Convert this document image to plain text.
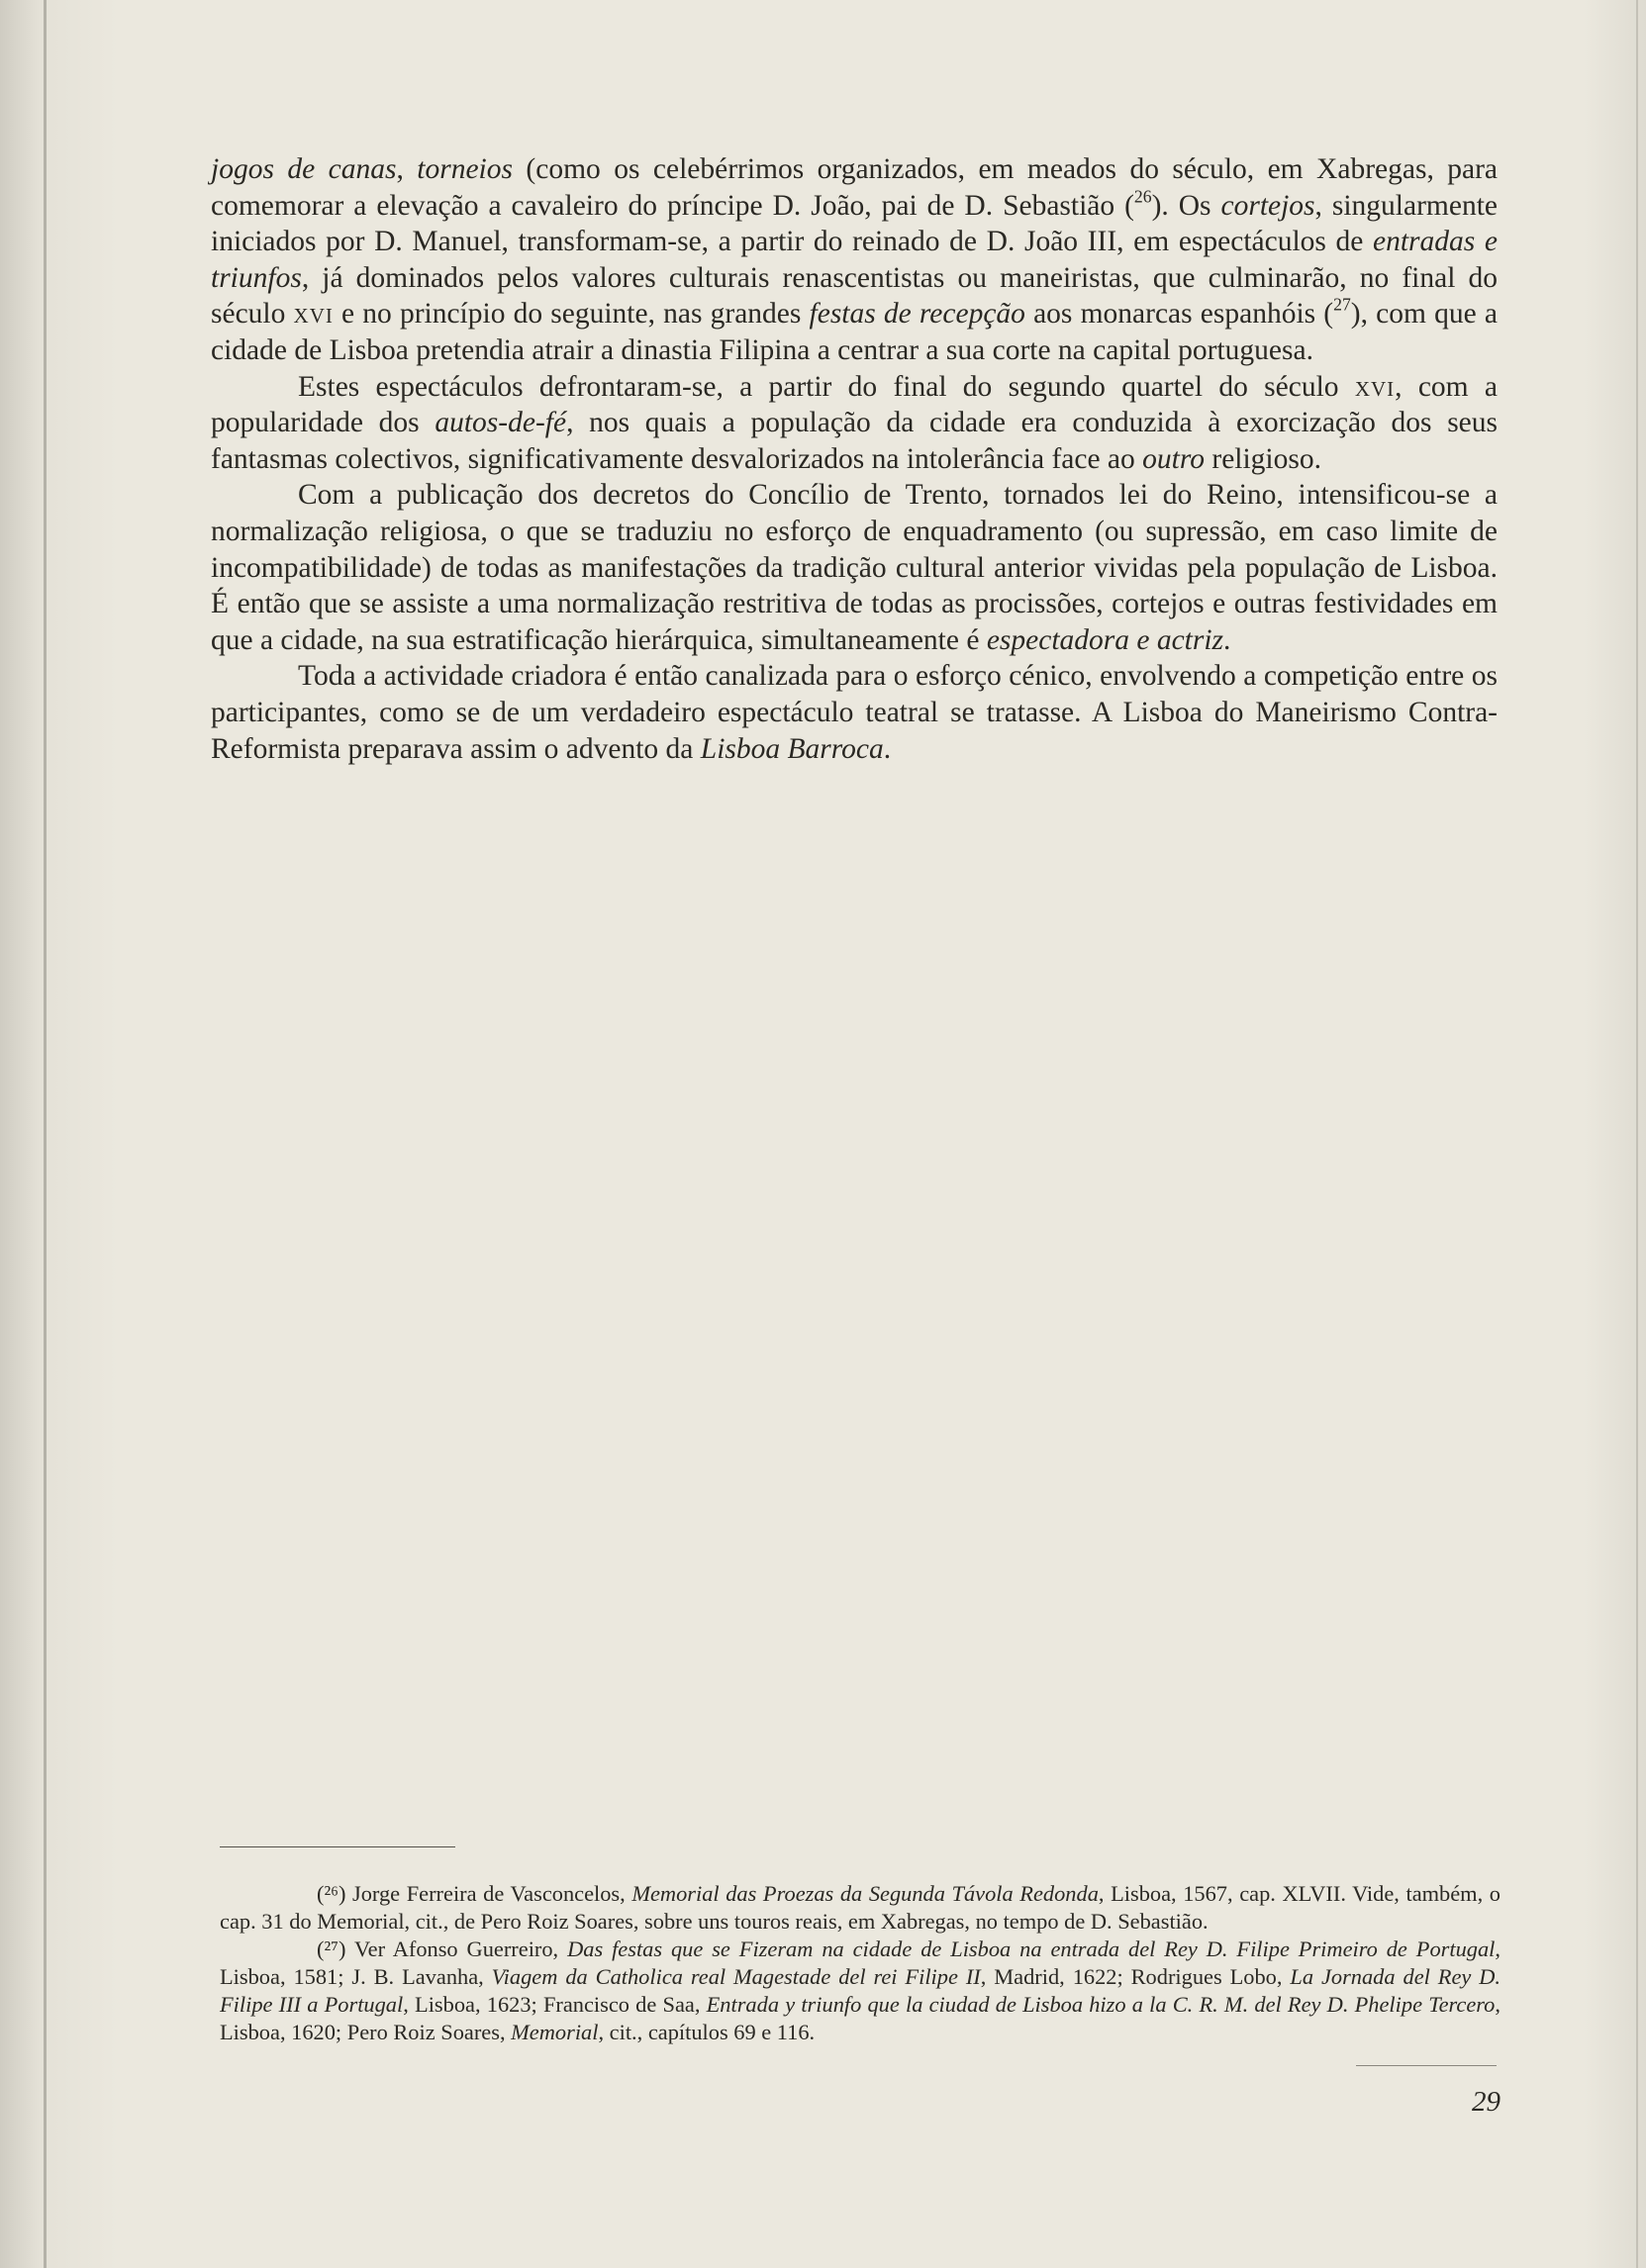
jogos de canas, torneios (como os celebérrimos organizados, em meados do século, em Xabregas, para comemorar a elevação a cavaleiro do príncipe D. João, pai de D. Sebastião ($^{26}$). Os cortejos, singularmente iniciados por D. Manuel, transformam-se, a partir do reinado de D. João III, em espectáculos de entradas e triunfos, já dominados pelos valores culturais renascentistas ou maneiristas, que culminarão, no final do século xvi e no princípio do seguinte, nas grandes festas de recepção aos monarcas espanhóis ($^{27}$), com que a cidade de Lisboa pretendia atrair a dinastia Filipina a centrar a sua corte na capital portuguesa.

Estes espectáculos defrontaram-se, a partir do final do segundo quartel do século xvi, com a popularidade dos autos-de-fé, nos quais a população da cidade era conduzida à exorcização dos seus fantasmas colectivos, significativamente desvalorizados na intolerância face ao outro religioso.

Com a publicação dos decretos do Concílio de Trento, tornados lei do Reino, intensificou-se a normalização religiosa, o que se traduziu no esforço de enquadramento (ou supressão, em caso limite de incompatibilidade) de todas as manifestações da tradição cultural anterior vividas pela população de Lisboa. É então que se assiste a uma normalização restritiva de todas as procissões, cortejos e outras festividades em que a cidade, na sua estratificação hierárquica, simultaneamente é espectadora e actriz.

Toda a actividade criadora é então canalizada para o esforço cénico, envolvendo a competição entre os participantes, como se de um verdadeiro espectáculo teatral se tratasse. A Lisboa do Maneirismo Contra-Reformista preparava assim o advento da Lisboa Barroca.

(²⁶) Jorge Ferreira de Vasconcelos, Memorial das Proezas da Segunda Távola Redonda, Lisboa, 1567, cap. XLVII. Vide, também, o cap. 31 do Memorial, cit., de Pero Roiz Soares, sobre uns touros reais, em Xabregas, no tempo de D. Sebastião.

(²⁷) Ver Afonso Guerreiro, Das festas que se Fizeram na cidade de Lisboa na entrada del Rey D. Filipe Primeiro de Portugal, Lisboa, 1581; J. B. Lavanha, Viagem da Catholica real Magestade del rei Filipe II, Madrid, 1622; Rodrigues Lobo, La Jornada del Rey D. Filipe III a Portugal, Lisboa, 1623; Francisco de Saa, Entrada y triunfo que la ciudad de Lisboa hizo a la C. R. M. del Rey D. Phelipe Tercero, Lisboa, 1620; Pero Roiz Soares, Memorial, cit., capítulos 69 e 116.

29
